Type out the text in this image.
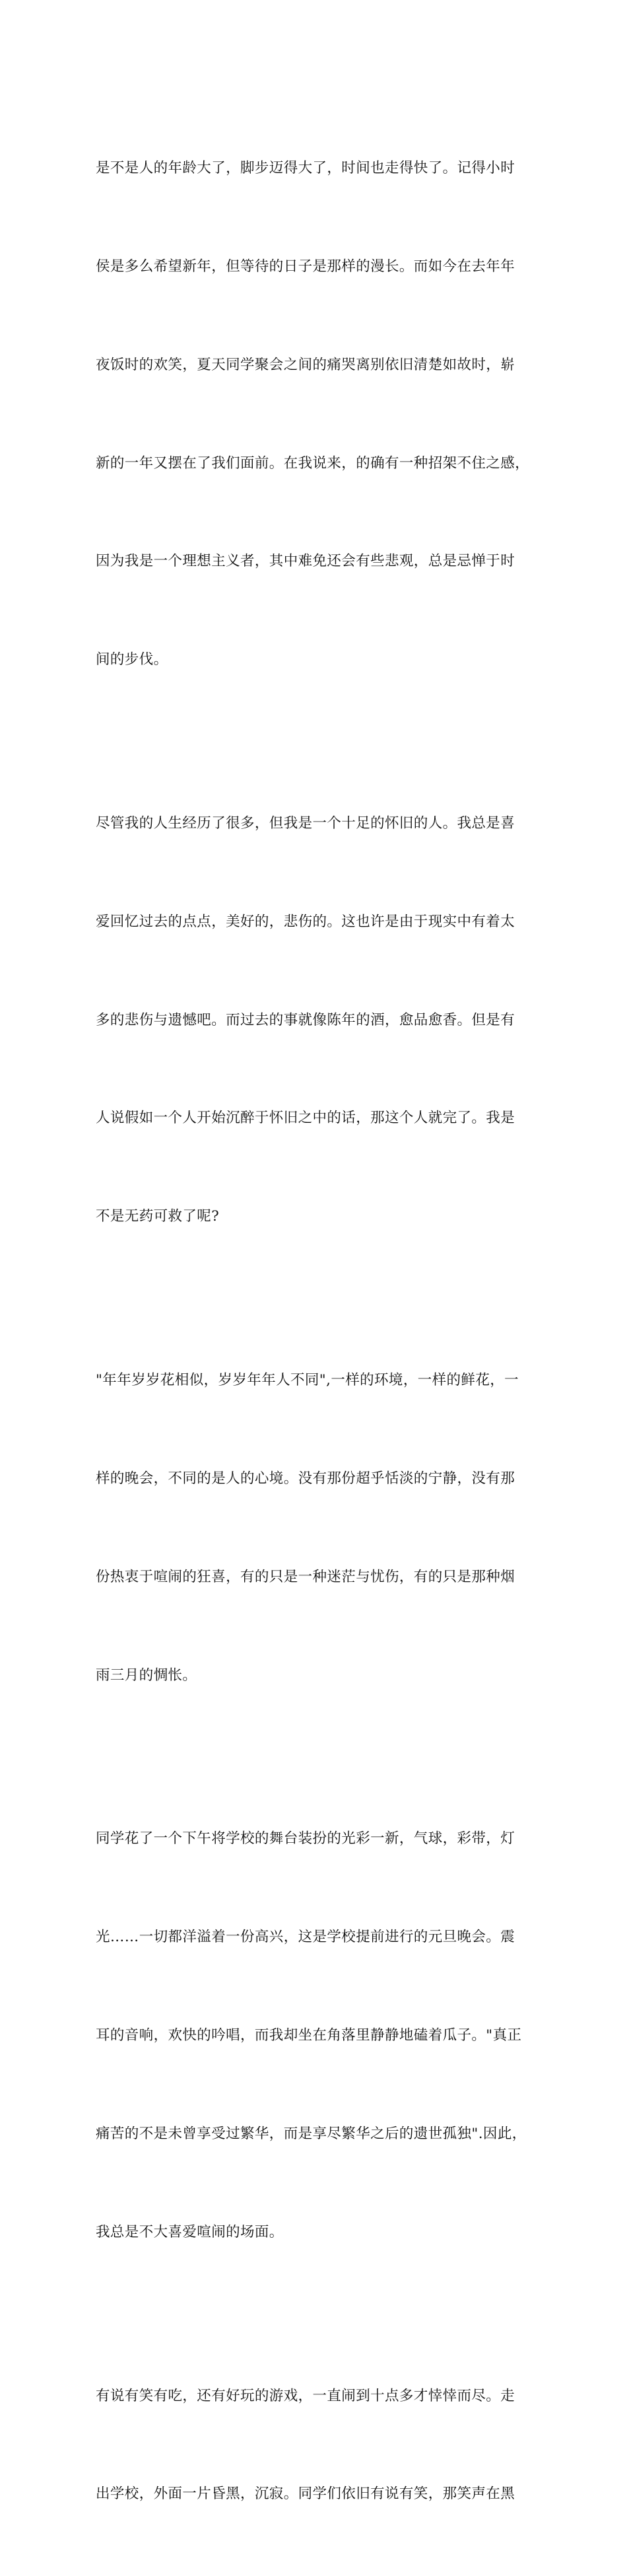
是不是人的年龄大了，脚步迈得大了，时间也走得快了。记得小时

侯是多么希望新年，但等待的日子是那样的漫长。而如今在去年年

夜饭时的欢笑，夏天同学聚会之间的痛哭离别依旧清楚如故时，崭

新的一年又摆在了我们面前。在我说来，的确有一种招架不住之感，

因为我是一个理想主义者，其中难免还会有些悲观，总是忌惮于时

间的步伐。

尽管我的人生经历了很多，但我是一个十足的怀旧的人。我总是喜

爱回忆过去的点点，美好的，悲伤的。这也许是由于现实中有着太

多的悲伤与遗憾吧。而过去的事就像陈年的酒，愈品愈香。但是有

人说假如一个人开始沉醉于怀旧之中的话，那这个人就完了。我是

不是无药可救了呢?

"年年岁岁花相似，岁岁年年人不同",一样的环境，一样的鲜花，一

样的晚会，不同的是人的心境。没有那份超乎恬淡的宁静，没有那

份热衷于喧闹的狂喜，有的只是一种迷茫与忧伤，有的只是那种烟

雨三月的惆怅。

同学花了一个下午将学校的舞台装扮的光彩一新，气球，彩带，灯

光……一切都洋溢着一份高兴，这是学校提前进行的元旦晚会。震

耳的音响，欢快的吟唱，而我却坐在角落里静静地磕着瓜子。"真正

痛苦的不是未曾享受过繁华，而是享尽繁华之后的遗世孤独".因此，

我总是不大喜爱喧闹的场面。

有说有笑有吃，还有好玩的游戏，一直闹到十点多才悻悻而尽。走

出学校，外面一片昏黑，沉寂。同学们依旧有说有笑，那笑声在黑
